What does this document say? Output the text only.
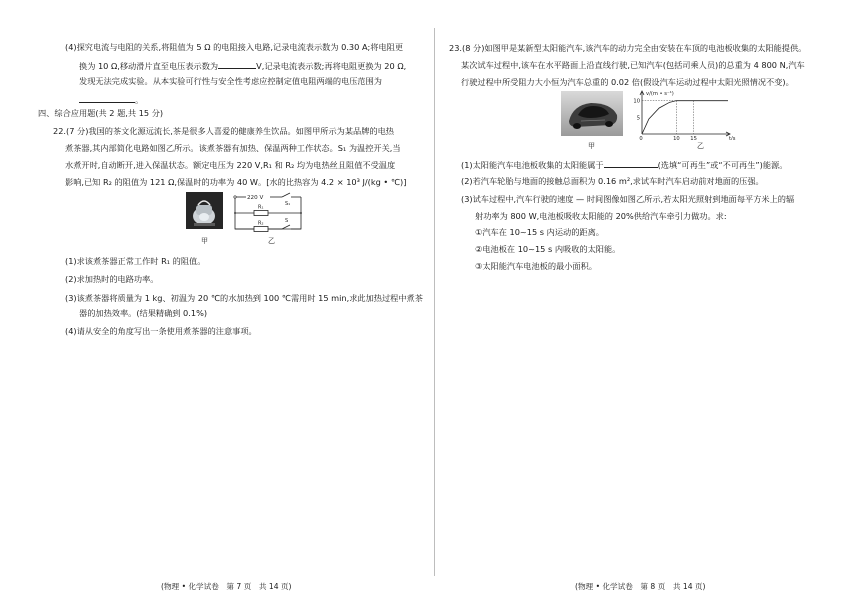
(4)探究电流与电阻的关系,将阻值为 5 Ω 的电阻接入电路,记录电流表示数为 0.30 A;将电阻更
换为 10 Ω,移动滑片直至电压表示数为	V,记录电流表示数;再将电阻更换为 20 Ω,
发现无法完成实验。从本实验可行性与安全性考虑应控制定值电阻两端的电压范围为
。
四、综合应用题(共 2 题,共 15 分)
22.(7 分)我国的茶文化源远流长,茶是很多人喜爱的健康养生饮品。如图甲所示为某品牌的电热
煮茶器,其内部简化电路如图乙所示。该煮茶器有加热、保温两种工作状态。S₁ 为温控开关,当
水煮开时,自动断开,进入保温状态。额定电压为 220 V,R₁ 和 R₂ 均为电热丝且阻值不受温度
影响,已知 R₂ 的阻值为 121 Ω,保温时的功率为 40 W。[水的比热容为 4.2 × 10³ J/(kg • ℃)]
甲
220 V
S₁
R₁
R₂	S
乙
(1)求该煮茶器正常工作时 R₁ 的阻值。
(2)求加热时的电路功率。
(3)该煮茶器将质量为 1 kg、初温为 20 ℃的水加热到 100 ℃需用时 15 min,求此加热过程中煮茶
器的加热效率。(结果精确到 0.1%)
(4)请从安全的角度写出一条使用煮茶器的注意事项。
(物理 • 化学试卷　第 7 页　共 14 页)
23.(8 分)如图甲是某新型太阳能汽车,该汽车的动力完全由安装在车顶的电池板收集的太阳能提供。
某次试车过程中,该车在水平路面上沿直线行驶,已知汽车(包括司乘人员)的总重为 4 800 N,汽车
行驶过程中所受阻力大小恒为汽车总重的 0.02 倍(假设汽车运动过程中太阳光照情况不变)。
甲
0	10 15
10
5
v/(m • s⁻¹)
t/s
乙
(1)太阳能汽车电池板收集的太阳能属于	(选填“可再生”或“不可再生”)能源。
(2)若汽车轮胎与地面的接触总面积为 0.16 m²,求试车时汽车启动前对地面的压强。
(3)试车过程中,汽车行驶的速度 — 时间图像如图乙所示,若太阳光照射到地面每平方米上的辐
射功率为 800 W,电池板吸收太阳能的 20%供给汽车牵引力做功。求:
①汽车在 10~15 s 内运动的距离。
②电池板在 10~15 s 内吸收的太阳能。
③太阳能汽车电池板的最小面积。
(物理 • 化学试卷　第 8 页　共 14 页)
